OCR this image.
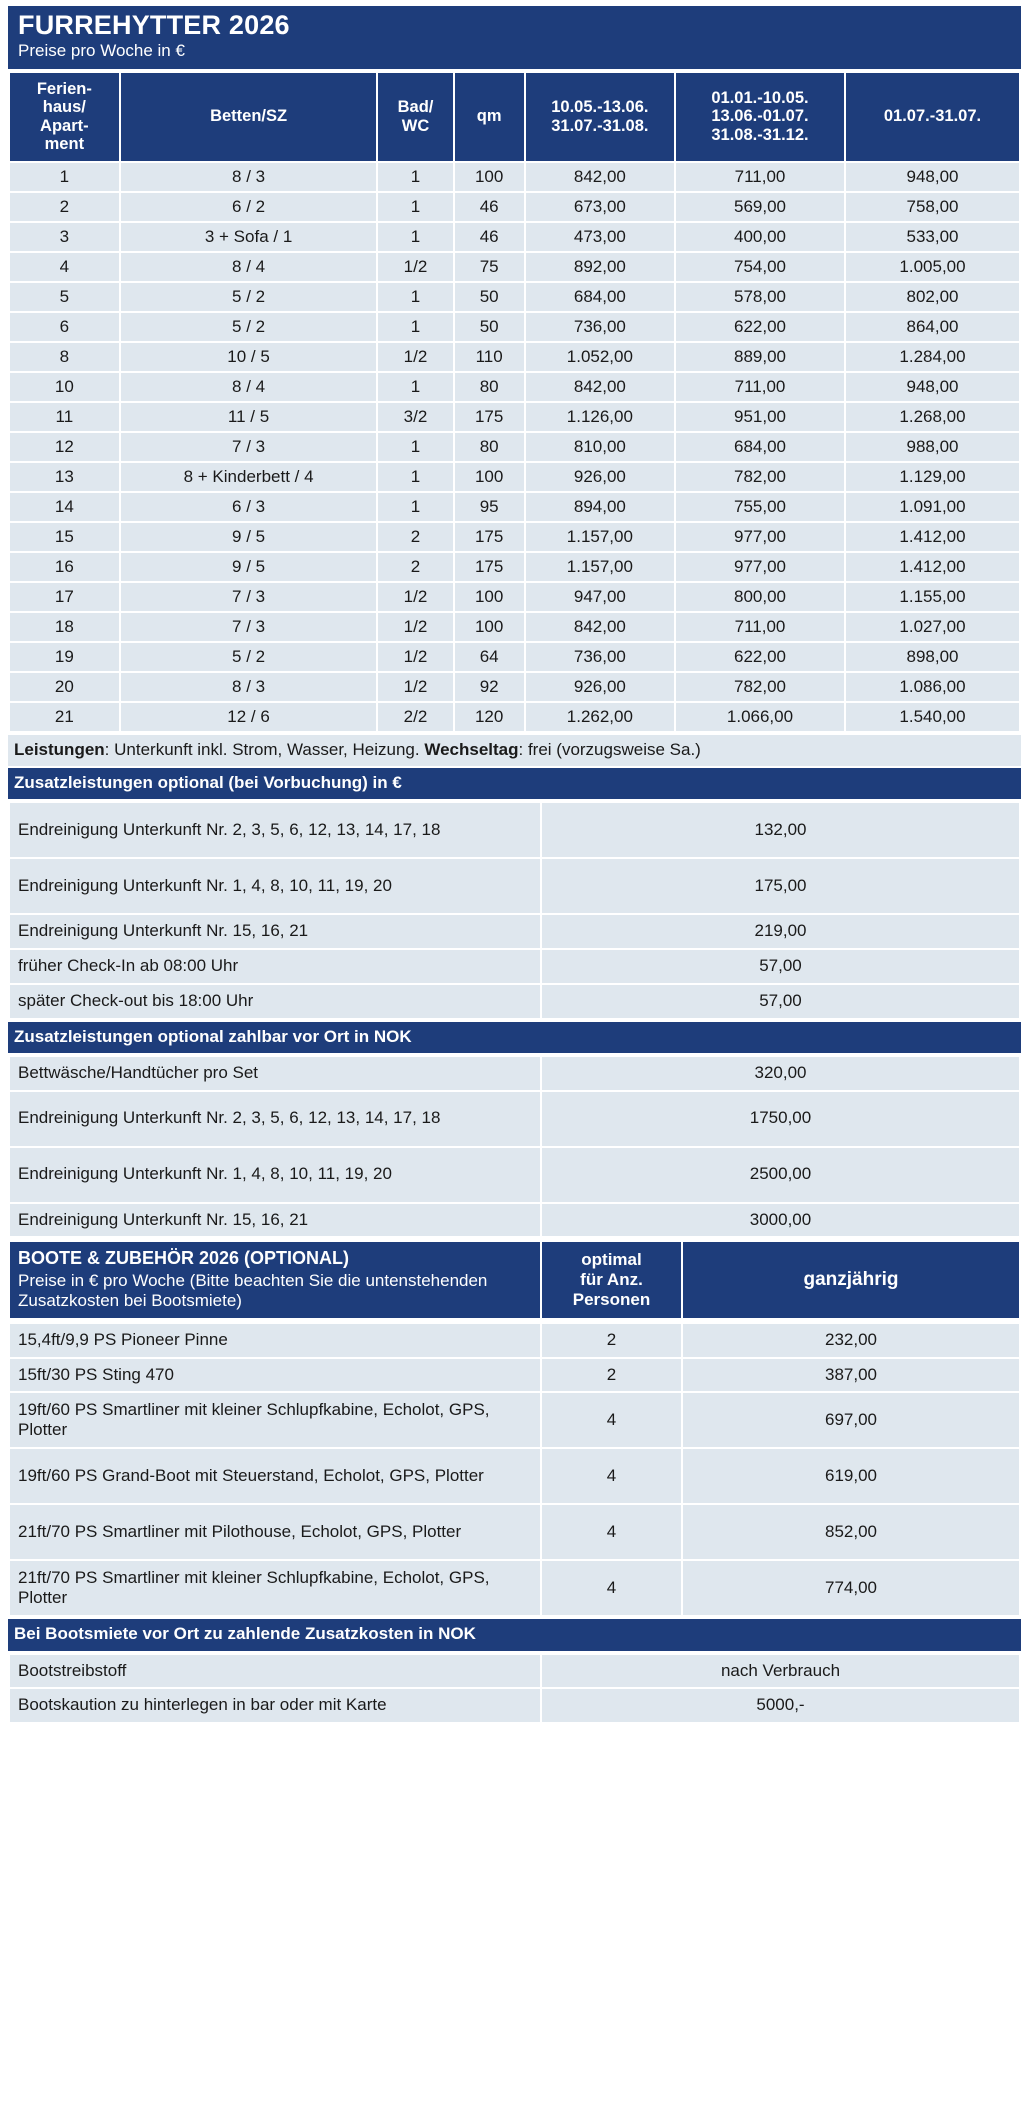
FURREHYTTER 2026
Preise pro Woche in €
Ferien-
haus/
Apart-
ment

Betten/SZ

Bad/
WC

qm

10.05.-13.06.
31.07.-31.08.

01.01.-10.05.
13.06.-01.07.
31.08.-31.12.

01.07.-31.07.

1	8 / 3	1	100	842,00	711,00	948,00
2	6 / 2	1	46	673,00	569,00	758,00
3	3 + Sofa / 1	1	46	473,00	400,00	533,00
4	8 / 4	1/2	75	892,00	754,00	1.005,00
5	5 / 2	1	50	684,00	578,00	802,00
6	5 / 2	1	50	736,00	622,00	864,00
8	10 / 5	1/2	110	1.052,00	889,00	1.284,00
10	8 / 4	1	80	842,00	711,00	948,00
11	11 / 5	3/2	175	1.126,00	951,00	1.268,00
12	7 / 3	1	80	810,00	684,00	988,00
13	8 + Kinderbett / 4	1	100	926,00	782,00	1.129,00
14	6 / 3	1	95	894,00	755,00	1.091,00
15	9 / 5	2	175	1.157,00	977,00	1.412,00
16	9 / 5	2	175	1.157,00	977,00	1.412,00
17	7 / 3	1/2	100	947,00	800,00	1.155,00
18	7 / 3	1/2	100	842,00	711,00	1.027,00
19	5 / 2	1/2	64	736,00	622,00	898,00
20	8 / 3	1/2	92	926,00	782,00	1.086,00
21	12 / 6	2/2	120	1.262,00	1.066,00	1.540,00
Leistungen: Unterkunft inkl. Strom, Wasser, Heizung. Wechseltag: frei (vorzugsweise Sa.)
Zusatzleistungen optional (bei Vorbuchung) in €
Endreinigung Unterkunft Nr. 2, 3, 5, 6, 12, 13, 14, 17, 18	132,00
Endreinigung Unterkunft Nr. 1, 4, 8, 10, 11, 19, 20	175,00
Endreinigung Unterkunft Nr. 15, 16, 21	219,00
früher Check-In ab 08:00 Uhr	57,00
später Check-out bis 18:00 Uhr	57,00
Zusatzleistungen optional zahlbar vor Ort in NOK
Bettwäsche/Handtücher pro Set	320,00
Endreinigung Unterkunft Nr. 2, 3, 5, 6, 12, 13, 14, 17, 18	1750,00
Endreinigung Unterkunft Nr. 1, 4, 8, 10, 11, 19, 20	2500,00
Endreinigung Unterkunft Nr. 15, 16, 21	3000,00
BOOTE & ZUBEHÖR 2026 (OPTIONAL)
Preise in € pro Woche (Bitte beachten Sie die untenstehenden Zusatzkosten bei Bootsmiete)

optimal
für Anz.
Personen
	ganzjährig
15,4ft/9,9 PS Pioneer Pinne	2	232,00
15ft/30 PS Sting 470	2	387,00
19ft/60 PS Smartliner mit kleiner Schlupfkabine, Echolot, GPS, Plotter	4	697,00
19ft/60 PS Grand-Boot mit Steuerstand, Echolot, GPS, Plotter	4	619,00
21ft/70 PS Smartliner mit Pilothouse, Echolot, GPS, Plotter	4	852,00
21ft/70 PS Smartliner mit kleiner Schlupfkabine, Echolot, GPS, Plotter	4	774,00
Bei Bootsmiete vor Ort zu zahlende Zusatzkosten in NOK
Bootstreibstoff	nach Verbrauch
Bootskaution zu hinterlegen in bar oder mit Karte	5000,-
